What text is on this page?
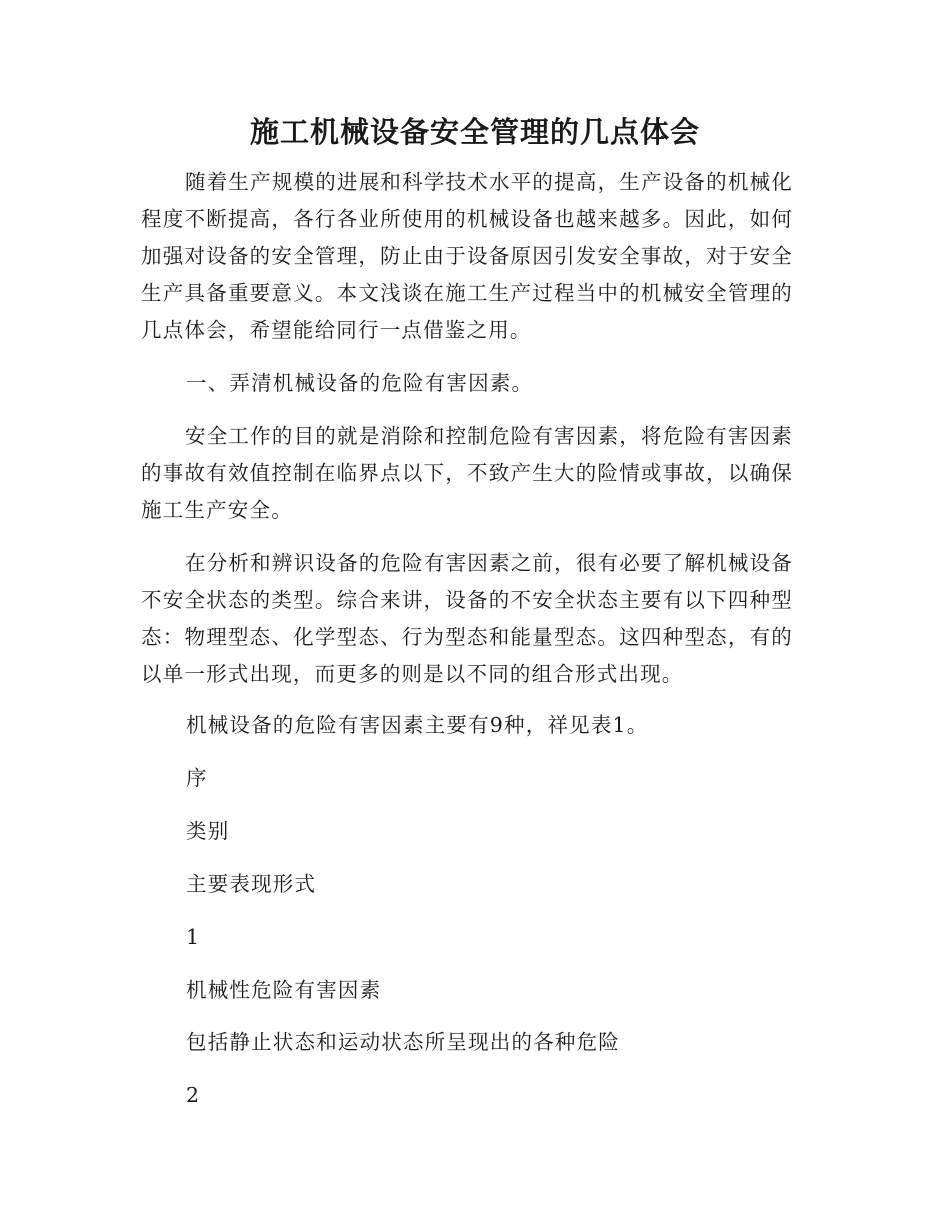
施工机械设备安全管理的几点体会

随着生产规模的进展和科学技术水平的提高，生产设备的机械化程度不断提高，各行各业所使用的机械设备也越来越多。因此，如何加强对设备的安全管理，防止由于设备原因引发安全事故，对于安全生产具备重要意义。本文浅谈在施工生产过程当中的机械安全管理的几点体会，希望能给同行一点借鉴之用。

一、弄清机械设备的危险有害因素。

安全工作的目的就是消除和控制危险有害因素，将危险有害因素的事故有效值控制在临界点以下，不致产生大的险情或事故，以确保施工生产安全。

在分析和辨识设备的危险有害因素之前，很有必要了解机械设备不安全状态的类型。综合来讲，设备的不安全状态主要有以下四种型态：物理型态、化学型态、行为型态和能量型态。这四种型态，有的以单一形式出现，而更多的则是以不同的组合形式出现。

机械设备的危险有害因素主要有9种，祥见表1。

序

类别

主要表现形式

1

机械性危险有害因素

包括静止状态和运动状态所呈现出的各种危险

2
